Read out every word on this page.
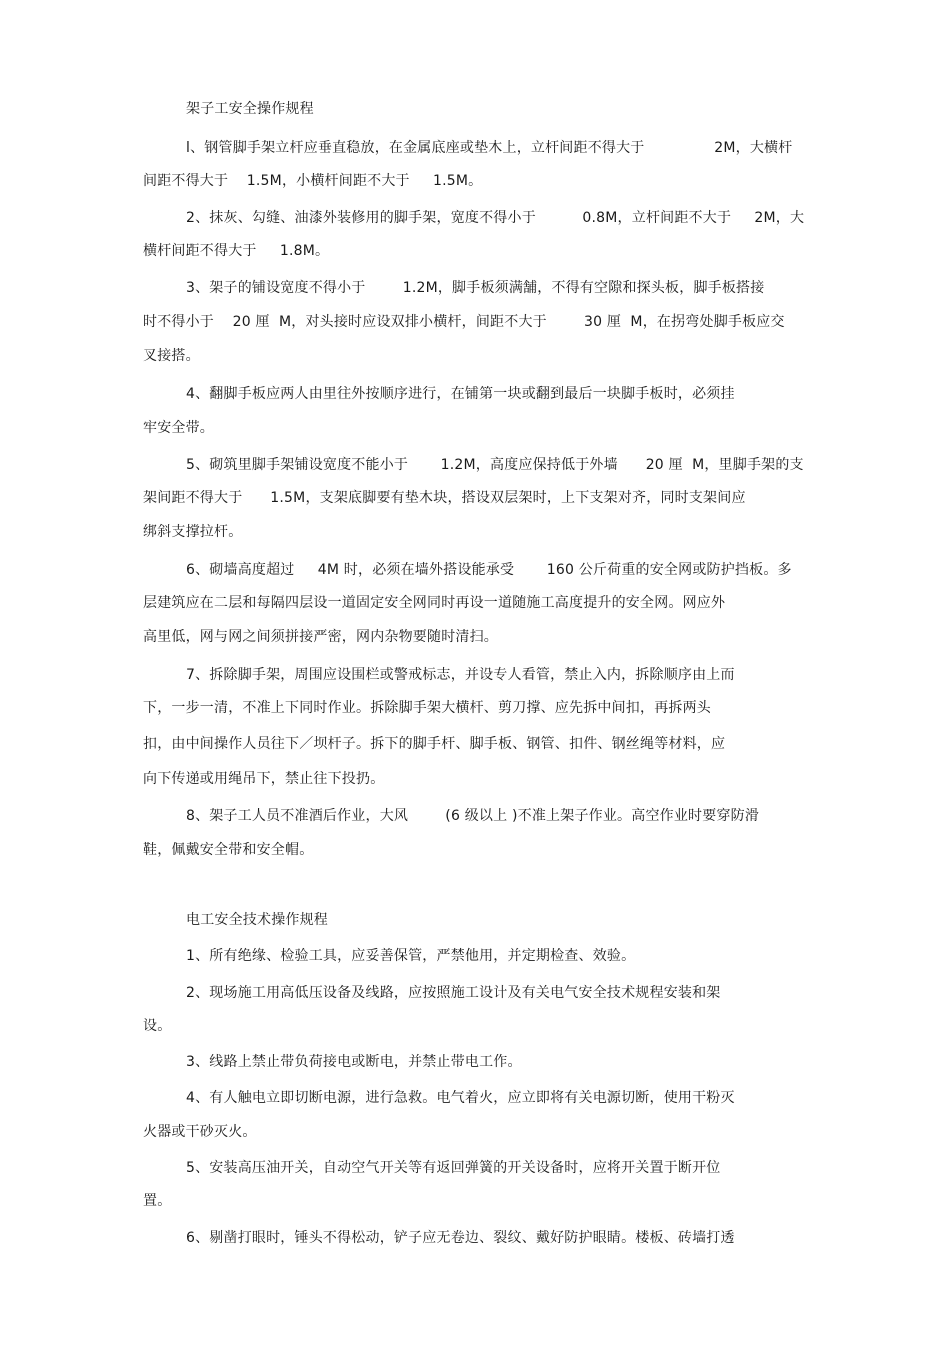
架子工安全操作规程
l、钢管脚手架立杆应垂直稳放，在金属底座或垫木上，立杆间距不得大于               2M，大横杆
间距不得大于    1.5M，小横杆间距不大于     1.5M。
2、抹灰、勾缝、油漆外装修用的脚手架，宽度不得小于          0.8M，立杆间距不大于     2M，大
横杆间距不得大于     1.8M。
3、架子的铺设宽度不得小于        1.2M，脚手板须满舗，不得有空隙和探头板，脚手板搭接
时不得小于    20 厘  M，对头接时应设双排小横杆，间距不大于        30 厘  M，在拐弯处脚手板应交
叉接搭。
4、翻脚手板应两人由里往外按顺序进行，在铺第一块或翻到最后一块脚手板时，必须挂
牢安全带。
5、砌筑里脚手架铺设宽度不能小于       1.2M，高度应保持低于外墙      20 厘  M，里脚手架的支
架间距不得大于      1.5M，支架底脚要有垫木块，搭设双层架时，上下支架对齐，同时支架间应
绑斜支撑拉杆。
6、砌墙高度超过     4M 时，必须在墙外搭设能承受       160 公斤荷重的安全网或防护挡板。多
层建筑应在二层和每隔四层设一道固定安全网同时再设一道随施工高度提升的安全网。网应外
高里低，网与网之间须拼接严密，网内杂物要随时清扫。
7、拆除脚手架，周围应设围栏或警戒标志，并设专人看管，禁止入内，拆除顺序由上而
下，一步一清，不准上下同时作业。拆除脚手架大横杆、剪刀撑、应先拆中间扣，再拆两头
扣，由中间操作人员往下／坝杆子。拆下的脚手杆、脚手板、钢管、扣件、钢丝绳等材料，应
向下传递或用绳吊下，禁止往下投扔。
8、架子工人员不准酒后作业，大风        (6 级以上 )不准上架子作业。高空作业时要穿防滑
鞋，佩戴安全带和安全帽。
电工安全技术操作规程
1、所有绝缘、检验工具，应妥善保管，严禁他用，并定期检查、效验。
2、现场施工用高低压设备及线路，应按照施工设计及有关电气安全技术规程安装和架
设。
3、线路上禁止带负荷接电或断电，并禁止带电工作。
4、有人触电立即切断电源，进行急救。电气着火，应立即将有关电源切断，使用干粉灭
火器或干砂灭火。
5、安装高压油开关，自动空气开关等有返回弹簧的开关设备时，应将开关置于断开位
置。
6、剔凿打眼时，锤头不得松动，铲子应无卷边、裂纹、戴好防护眼睛。楼板、砖墙打透
